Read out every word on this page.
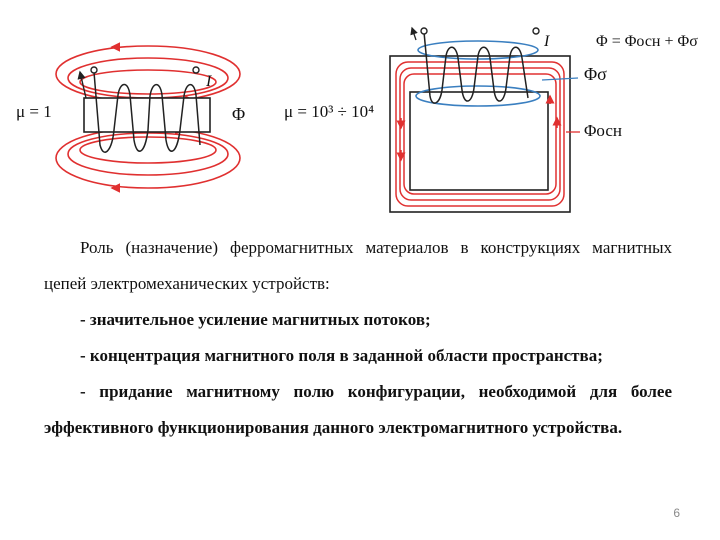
μ = 1
I
Φ μ = 10³ ÷ 10⁴
I	Φ = Φосн + Φσ
Φσ
Φосн

Роль (назначение) ферромагнитных материалов в конструкциях магнитных цепей электромеханических устройств:

- значительное усиление магнитных потоков;

- концентрация магнитного поля в заданной области пространства;

- придание магнитному полю конфигурации, необходимой для более эффективного функционирования данного электромагнитного устройства.

6
